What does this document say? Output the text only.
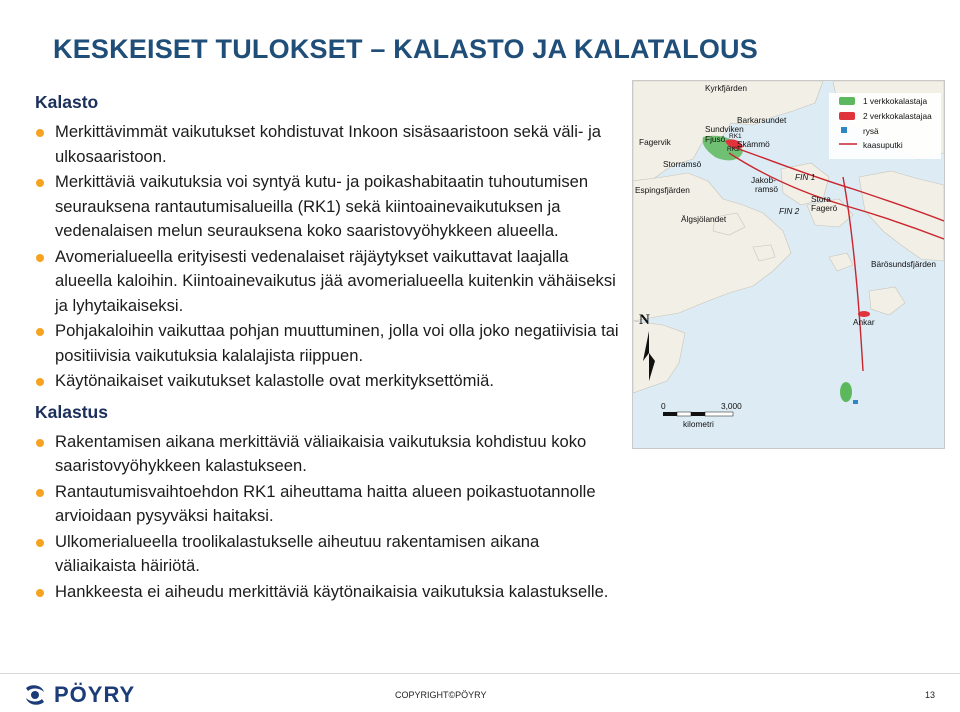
KESKEISET TULOKSET – KALASTO JA KALATALOUS
Kalasto
Merkittävimmät vaikutukset kohdistuvat Inkoon sisäsaaristoon sekä väli- ja ulkosaaristoon.
Merkittäviä vaikutuksia voi syntyä kutu- ja poikashabitaatin tuhoutumisen seurauksena rantautumisalueilla (RK1) sekä kiintoainevaikutuksen ja vedenalaisen melun seurauksena koko saaristovyöhykkeen alueella.
Avomerialueella erityisesti vedenalaiset räjäytykset vaikuttavat laajalla alueella kaloihin. Kiintoainevaikutus jää avomerialueella kuitenkin vähäiseksi ja lyhytaikaiseksi.
Pohjakaloihin vaikuttaa pohjan muuttuminen, jolla voi olla joko negatiivisia tai positiivisia vaikutuksia kalalajista riippuen.
Käytönaikaiset vaikutukset kalastolle ovat merkityksettömiä.
Kalastus
Rakentamisen aikana merkittäviä väliaikaisia vaikutuksia kohdistuu koko saaristovyöhykkeen kalastukseen.
Rantautumisvaihtoehdon RK1 aiheuttama haitta alueen poikastuotannolle arvioidaan pysyväksi haitaksi.
Ulkomerialueella troolikalastukselle aiheutuu rakentamisen aikana väliaikaista häiriötä.
Hankkeesta ei aiheudu merkittäviä käytönaikaisia vaikutuksia kalastukselle.
1 verkkokalastaja
2 verkkokalastajaa
rysä
kaasuputki
Kyrkfjärden
Sundviken
Barkarsundet
Fjusö RK1
RK2
Fagervik	Skämmö
Storramsö
Espingsfjärden
Jakob-
ramsö
FIN 1
FIN 2
Stora
Fagerö
Älgsjölandet
Bärösundsfjärden
Ankar
N
0	3,000
kilometri
PÖYRY	COPYRIGHT©PÖYRY	13
